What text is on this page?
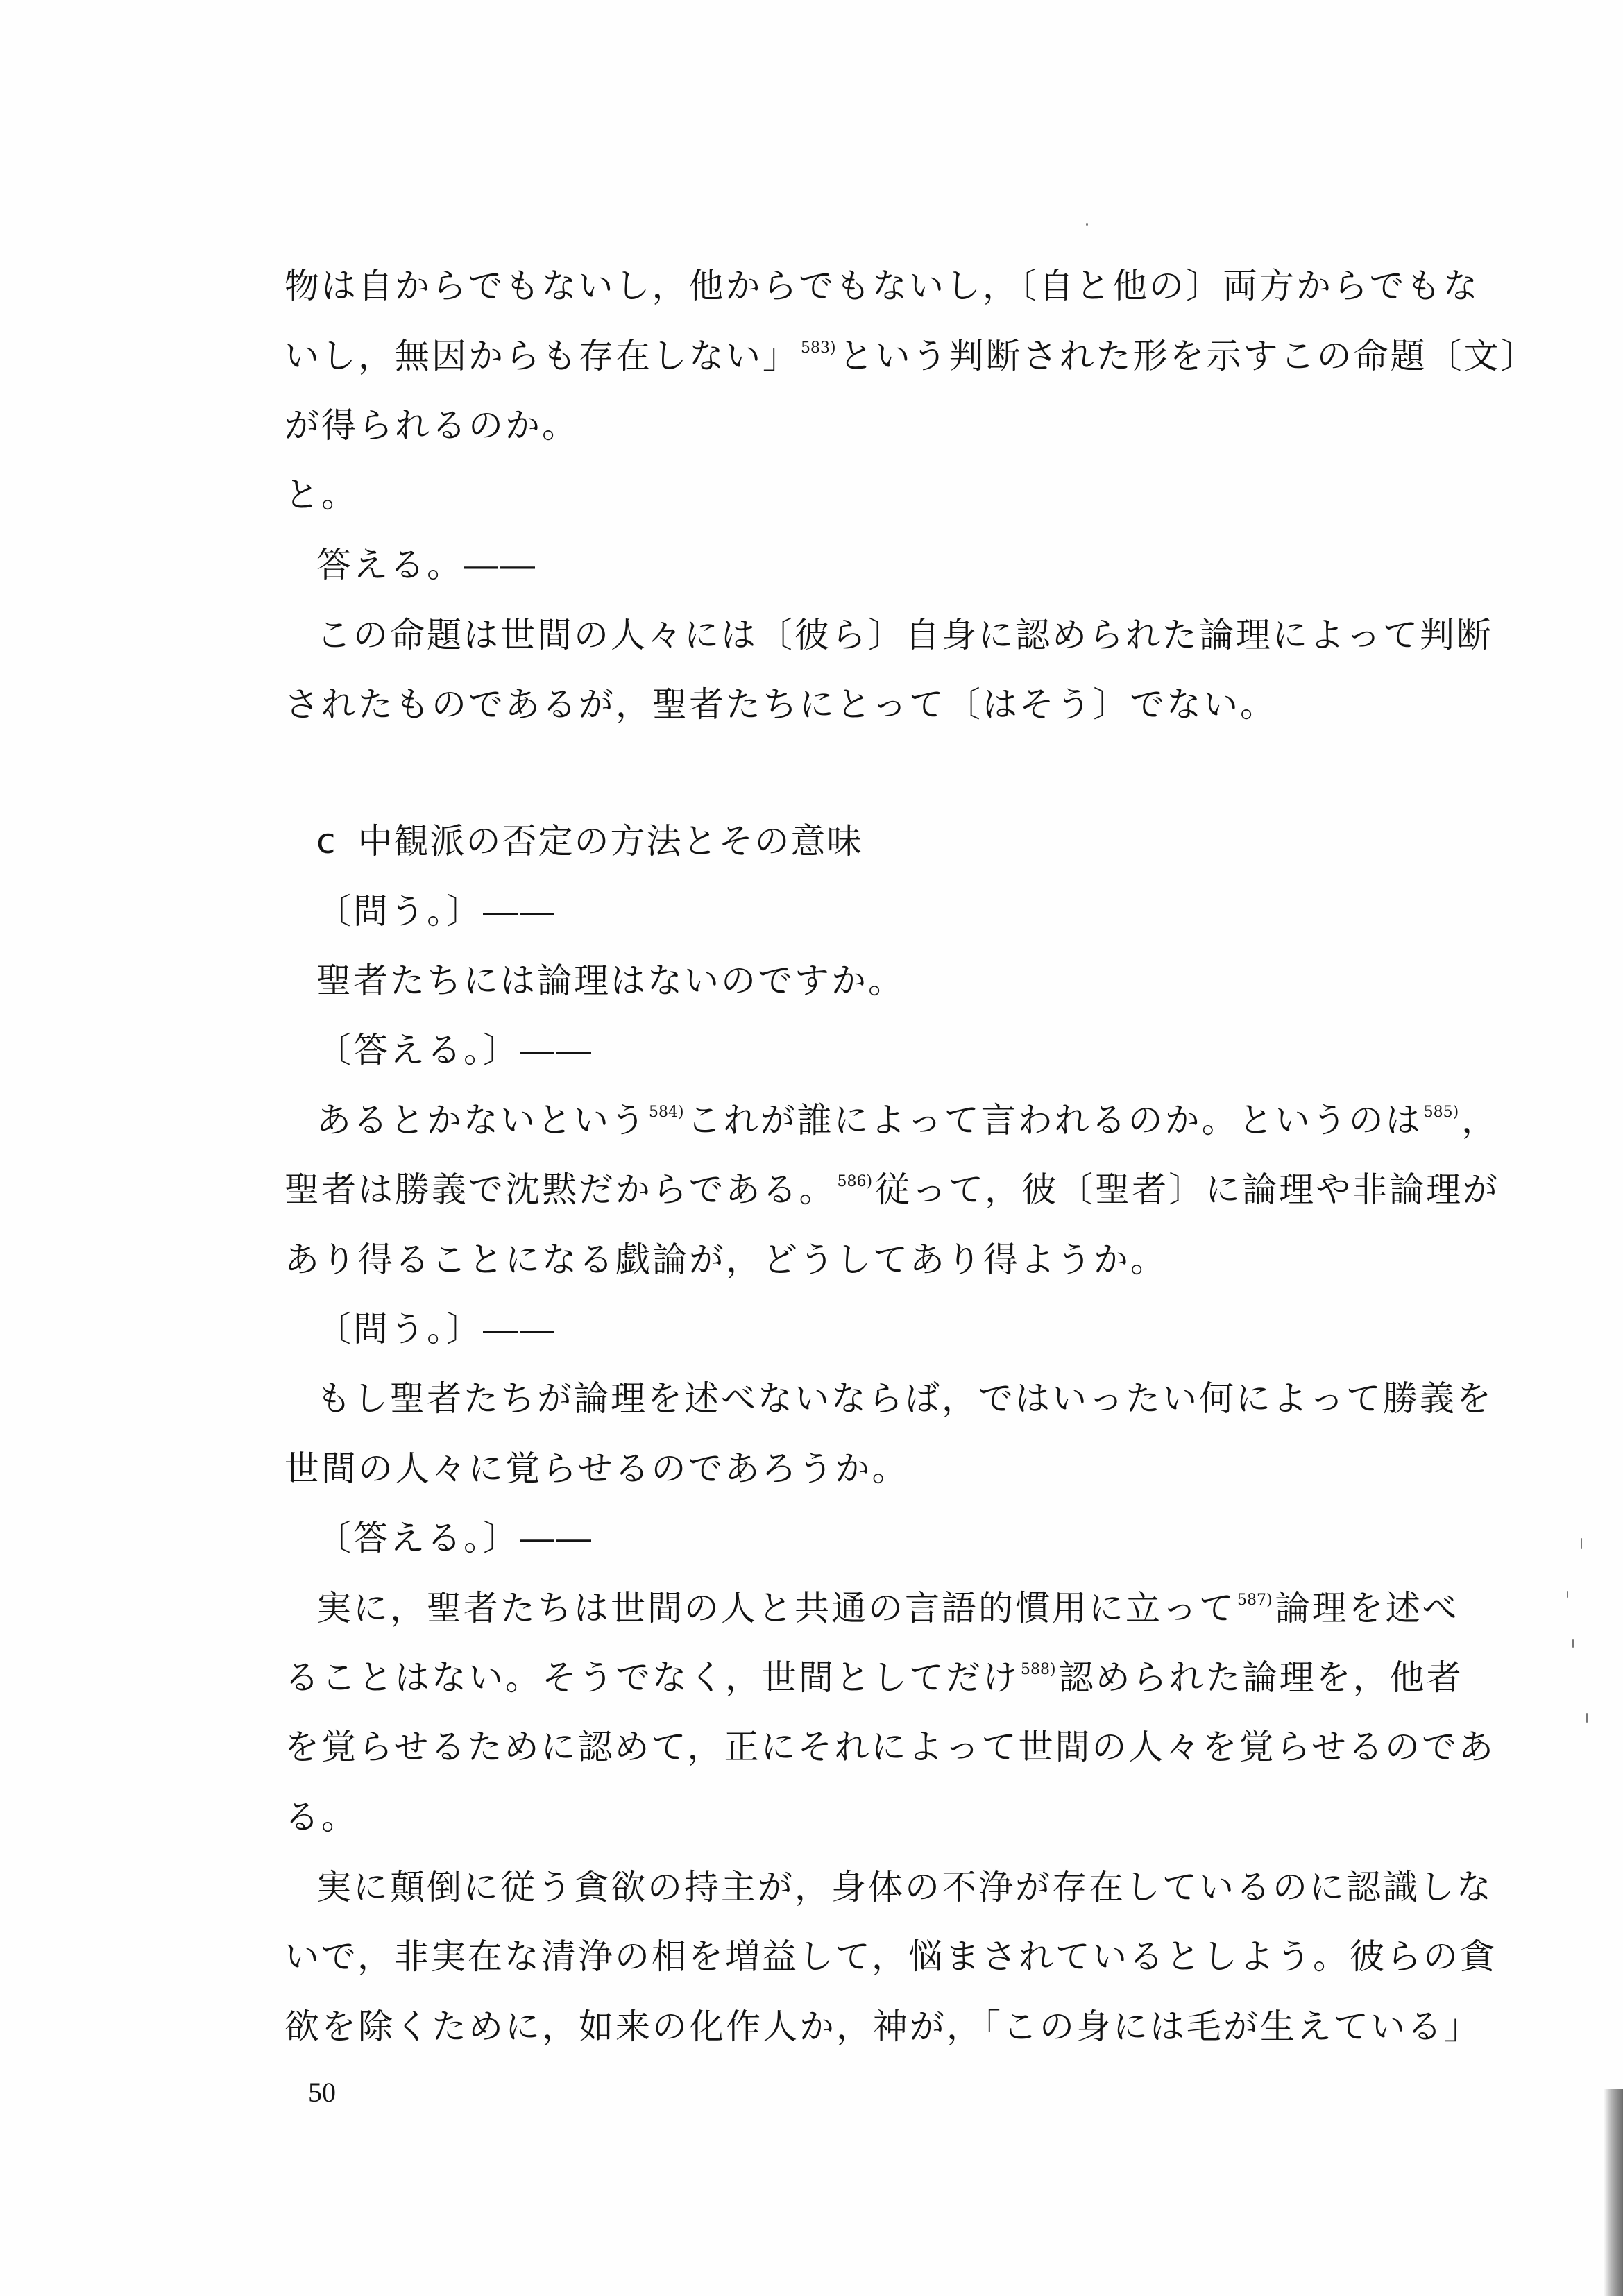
物は自からでもないし，他からでもないし，〔自と他の〕両方からでもな
いし，無因からも存在しない」$^{583)}$という判断された形を示すこの命題〔文〕
が得られるのか。
と。
答える。――
この命題は世間の人々には〔彼ら〕自身に認められた論理によって判断
されたものであるが，聖者たちにとって〔はそう〕でない。
c 中観派の否定の方法とその意味
〔問う。〕――
聖者たちには論理はないのですか。
〔答える。〕――
あるとかないという$^{584)}$これが誰によって言われるのか。というのは$^{585)}$，
聖者は勝義で沈黙だからである。$^{586)}$従って，彼〔聖者〕に論理や非論理が
あり得ることになる戯論が，どうしてあり得ようか。
〔問う。〕――
もし聖者たちが論理を述べないならば，ではいったい何によって勝義を
世間の人々に覚らせるのであろうか。
〔答える。〕――
実に，聖者たちは世間の人と共通の言語的慣用に立って$^{587)}$論理を述べ
ることはない。そうでなく，世間としてだけ$^{588)}$認められた論理を，他者
を覚らせるために認めて，正にそれによって世間の人々を覚らせるのであ
る。
実に顛倒に従う貪欲の持主が，身体の不浄が存在しているのに認識しな
いで，非実在な清浄の相を増益して，悩まされているとしよう。彼らの貪
欲を除くために，如来の化作人か，神が，「この身には毛が生えている」
50
